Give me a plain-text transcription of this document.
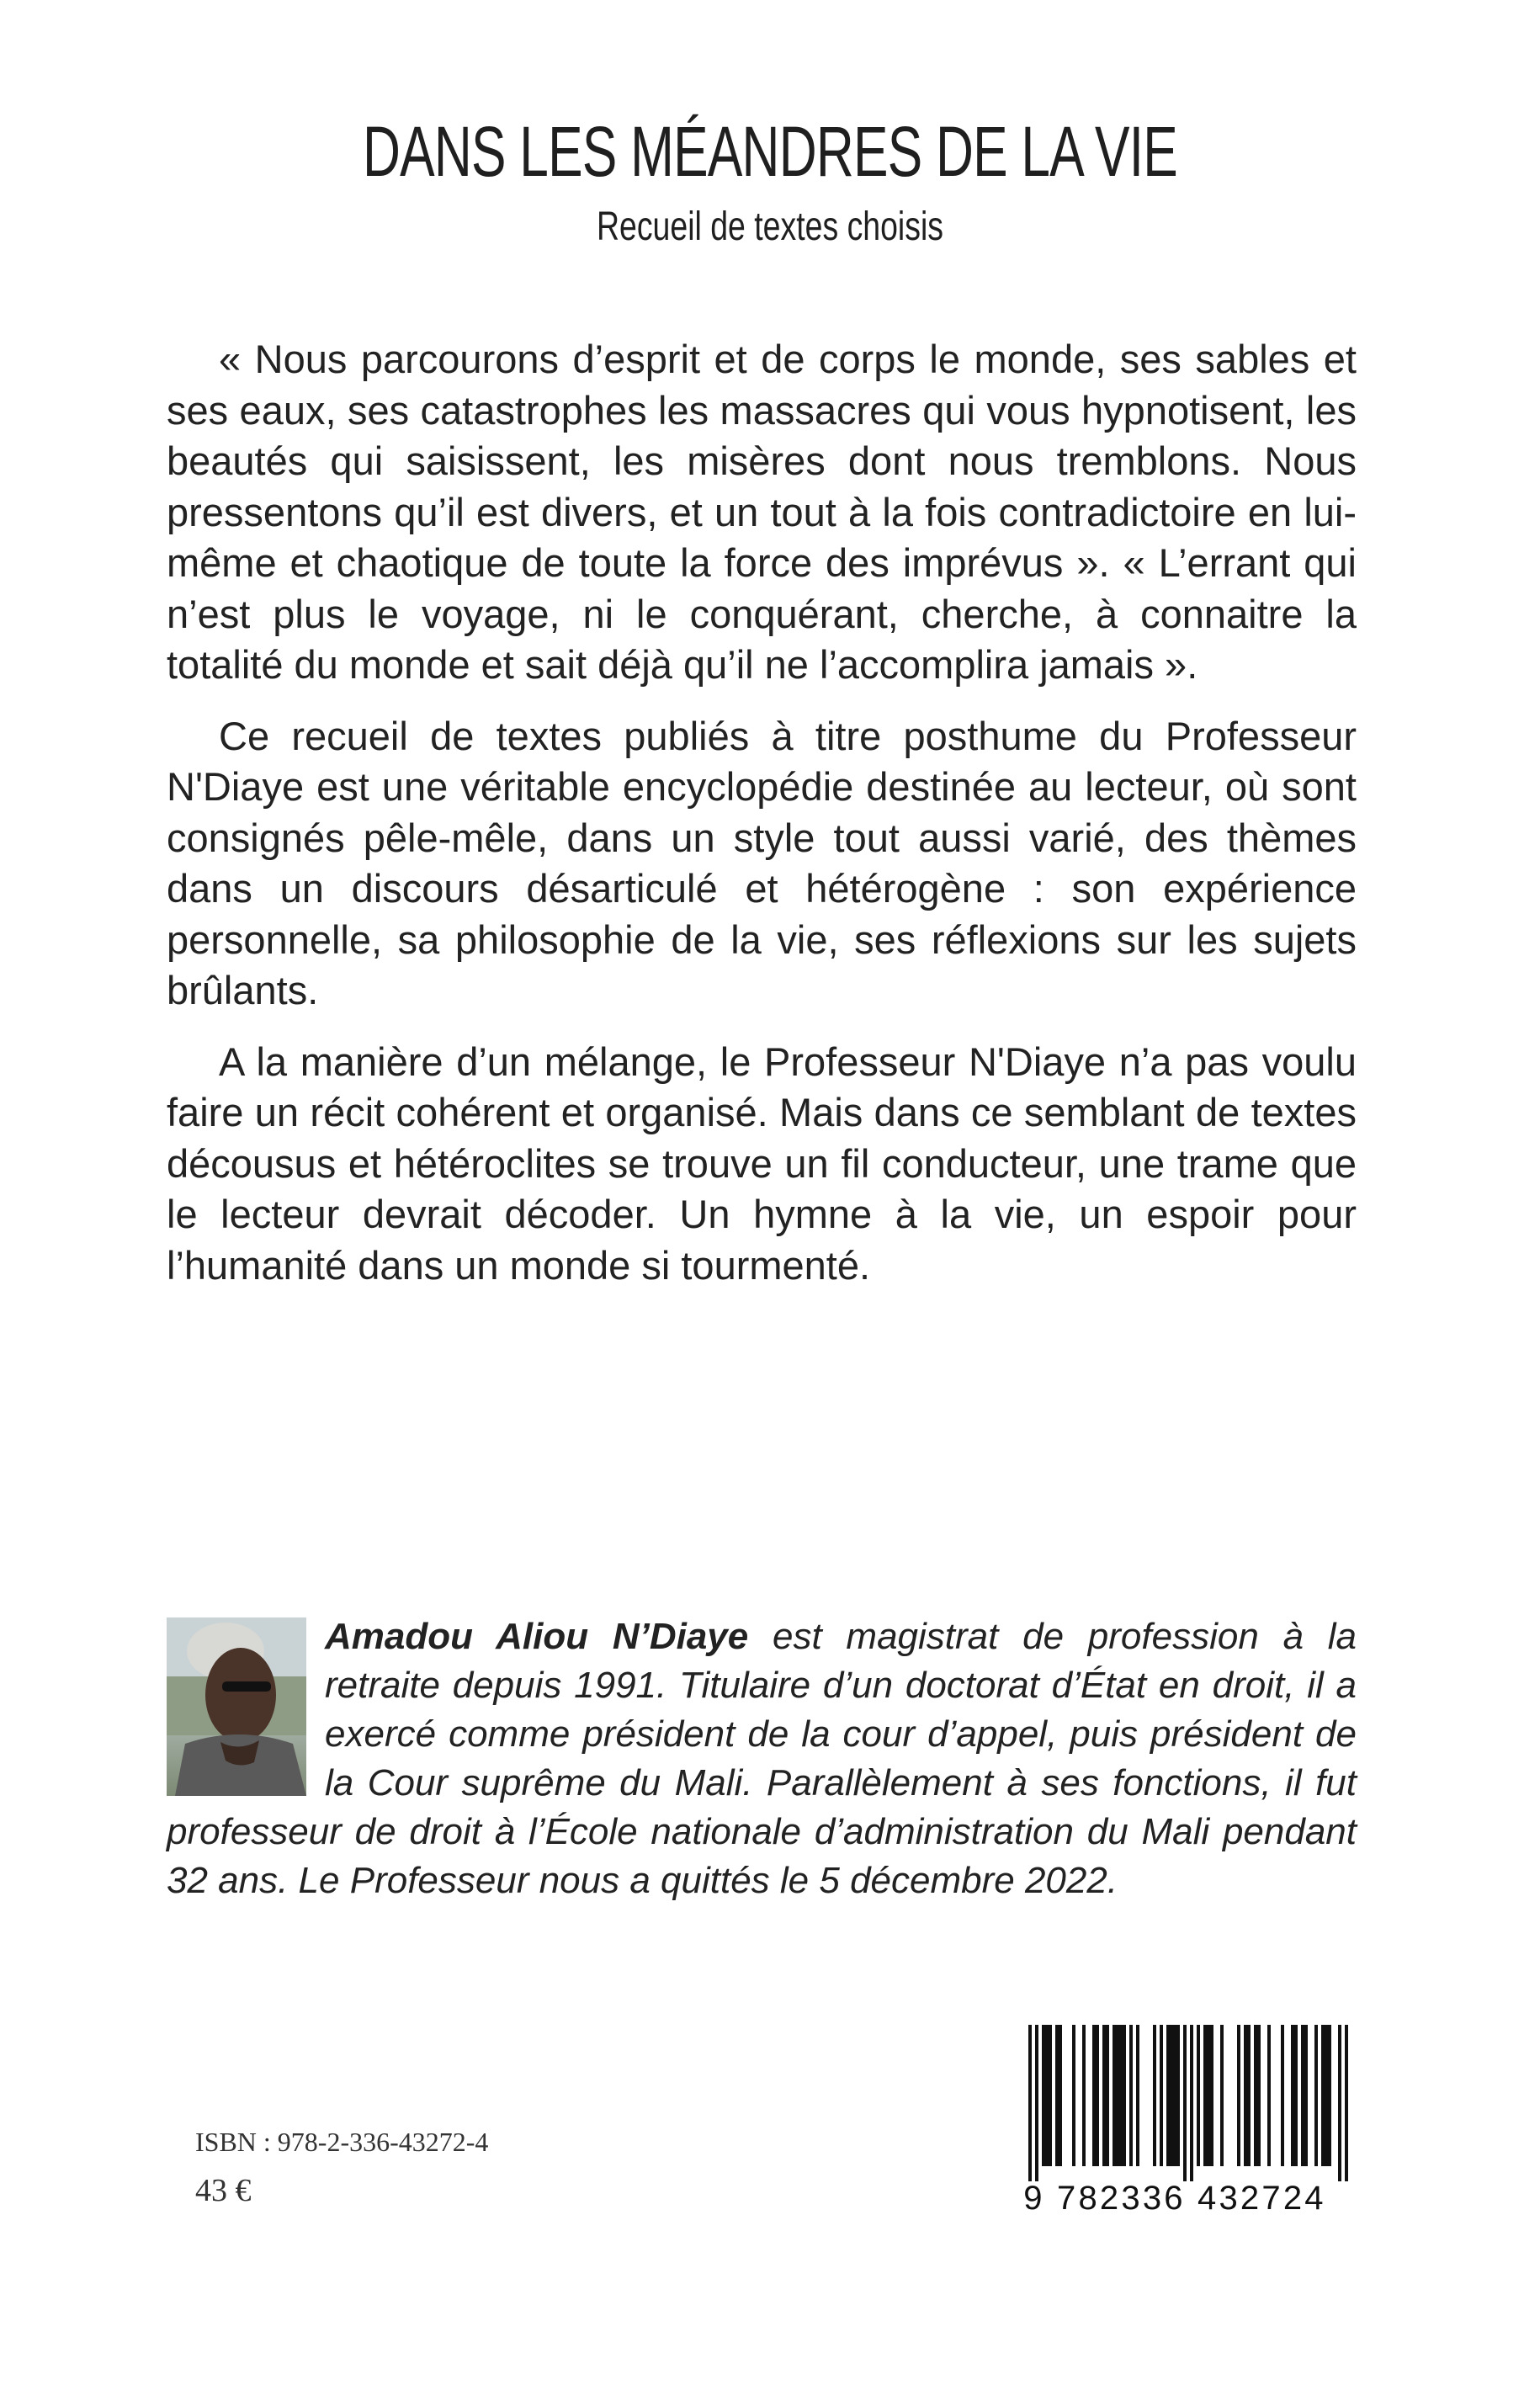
DANS LES MÉANDRES DE LA VIE
Recueil de textes choisis

« Nous parcourons d’esprit et de corps le monde, ses sables et ses eaux, ses catastrophes les massacres qui vous hypnotisent, les beautés qui saisissent, les misères dont nous tremblons. Nous pressentons qu’il est divers, et un tout à la fois contradictoire en lui-même et chaotique de toute la force des imprévus ». « L’errant qui n’est plus le voyage, ni le conquérant, cherche, à connaitre la totalité du monde et sait déjà qu’il ne l’accomplira jamais ».

Ce recueil de textes publiés à titre posthume du Professeur N'Diaye est une véritable encyclopédie destinée au lecteur, où sont consignés pêle-mêle, dans un style tout aussi varié, des thèmes dans un discours désarticulé et hétérogène : son expérience personnelle, sa philosophie de la vie, ses réflexions sur les sujets brûlants.

A la manière d’un mélange, le Professeur N'Diaye n’a pas voulu faire un récit cohérent et organisé. Mais dans ce semblant de textes décousus et hétéroclites se trouve un fil conducteur, une trame que le lecteur devrait décoder. Un hymne à la vie, un espoir pour l’humanité dans un monde si tourmenté.

Amadou Aliou N’Diaye est magistrat de profession à la retraite depuis 1991. Titulaire d’un doctorat d’État en droit, il a exercé comme président de la cour d’appel, puis président de la Cour suprême du Mali. Parallèlement à ses fonctions, il fut professeur de droit à l’École nationale d’administration du Mali pendant 32 ans. Le Professeur nous a quittés le 5 décembre 2022.
ISBN : 978-2-336-43272-4
43 €	9 782336 432724
